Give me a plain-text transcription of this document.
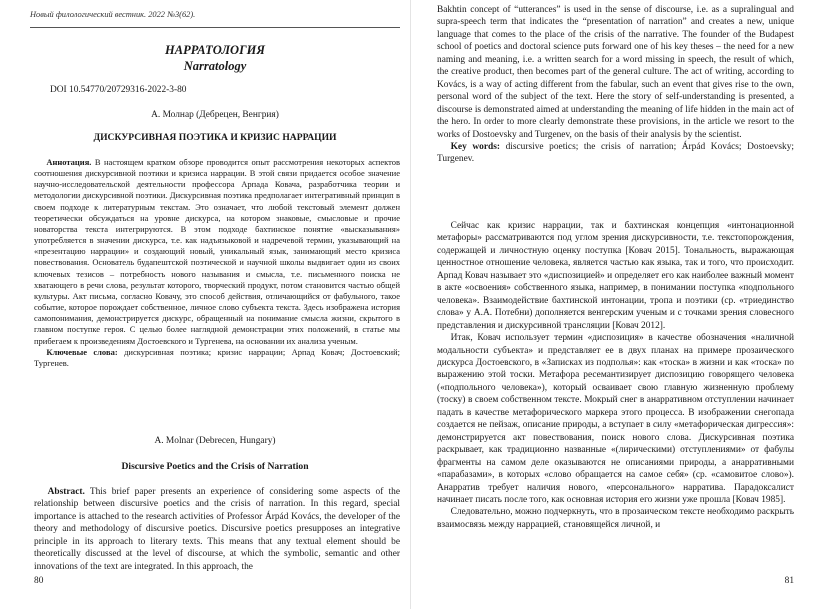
Новый филологический вестник. 2022 №3(62).
НАРРАТОЛОГИЯ
Narratology
DOI 10.54770/20729316-2022-3-80
А. Молнар (Дебрецен, Венгрия)
ДИСКУРСИВНАЯ ПОЭТИКА И КРИЗИС НАРРАЦИИ

Аннотация. В настоящем кратком обзоре проводится опыт рассмотрения некоторых аспектов соотношения дискурсивной поэтики и кризиса наррации. В этой связи придается особое значение научно-исследовательской деятельности профессора Арпада Ковача, разработчика теории и методологии дискурсивной поэтики. Дискурсивная поэтика предполагает интегративный принцип в своем подходе к литературным текстам. Это означает, что любой текстовый элемент должен теоретически обсуждаться на уровне дискурса, на котором знаковые, смысловые и прочие новаторства текста интегрируются. В этом подходе бахтинское понятие «высказывания» употребляется в значении дискурса, т.е. как надъязыковой и надречевой термин, указывающий на «презентацию наррации» и создающий новый, уникальный язык, занимающий место кризиса повествования. Основатель будапештской поэтической и научной школы выдвигает один из своих ключевых тезисов – потребность нового называния и смысла, т.е. письменного поиска не хватающего в речи слова, результат которого, творческий продукт, потом становится частью общей культуры. Акт письма, согласно Ковачу, это способ действия, отличающийся от фабульного, такое событие, которое порождает собственное, личное слово субъекта текста. Здесь изображена история самопонимания, демонстрируется дискурс, обращенный на понимание смысла жизни, скрытого в главном поступке героя. С целью более наглядной демонстрации этих положений, в статье мы прибегаем к произведениям Достоевского и Тургенева, на основании их анализа ученым.

Ключевые слова: дискурсивная поэтика; кризис наррации; Арпад Ковач; Достоевский; Тургенев.

A. Molnar (Debrecen, Hungary)
Discursive Poetics and the Crisis of Narration

Abstract. This brief paper presents an experience of considering some aspects of the relationship between discursive poetics and the crisis of narration. In this regard, special importance is attached to the research activities of Professor Árpád Kovács, the developer of the theory and methodology of discursive poetics. Discursive poetics presupposes an integrative principle in its approach to literary texts. This means that any textual element should be theoretically discussed at the level of discourse, at which the symbolic, semantic and other innovations of the text are integrated. In this approach, the

80

Bakhtin concept of “utterances” is used in the sense of discourse, i.e. as a supralingual and supra-speech term that indicates the “presentation of narration” and creates a new, unique language that comes to the place of the crisis of the narrative. The founder of the Budapest school of poetics and doctoral science puts forward one of his key theses – the need for a new naming and meaning, i.e. a written search for a word missing in speech, the result of which, the creative product, then becomes part of the general culture. The act of writing, according to Kovács, is a way of acting different from the fabular, such an event that gives rise to the own, personal word of the subject of the text. Here the story of self-understanding is presented, a discourse is demonstrated aimed at understanding the meaning of life hidden in the main act of the hero. In order to more clearly demonstrate these provisions, in the article we resort to the works of Dostoevsky and Turgenev, on the basis of their analysis by the scientist.

Key words: discursive poetics; the crisis of narration; Árpád Kovács; Dostoevsky; Turgenev.

Сейчас как кризис наррации, так и бахтинская концепция «интонационной метафоры» рассматриваются под углом зрения дискурсивности, т.е. текстопорождения, содержащей и личностную оценку поступка [Ковач 2015]. Тональность, выражающая ценностное отношение человека, является частью как языка, так и того, что происходит. Арпад Ковач называет это «диспозицией» и определяет его как наиболее важный момент в акте «освоения» собственного языка, например, в понимании поступка «подпольного человека». Взаимодействие бахтинской интонации, тропа и поэтики (ср. «триединство слова» у А.А. Потебни) дополняется венгерским ученым и с точками зрения словесного представления и дискурсивной трансляции [Ковач 2012].

Итак, Ковач использует термин «диспозиция» в качестве обозначения «наличной модальности субъекта» и представляет ее в двух планах на примере прозаического дискурса Достоевского, в «Записках из подполья»: как «тоска» в жизни и как «тоска» по выражению этой тоски. Метафора ресемантизирует диспозицию говорящего человека («подпольного человека»), который осваивает свою главную жизненную проблему (тоску) в своем собственном тексте. Мокрый снег в анарративном отступлении начинает падать в качестве метафорического маркера этого процесса. В изображении снегопада создается не пейзаж, описание природы, а вступает в силу «метафорическая дигрессия»: демонстрируется акт повествования, поиск нового слова. Дискурсивная поэтика раскрывает, как традиционно названные «(лирическими) отступлениями» от фабулы фрагменты на самом деле оказываются не описаниями природы, а анарративными «парабазами», в которых «слово обращается на самое себя» (ср. «самовитое слово»). Анарратив требует наличия нового, «персонального» нарратива. Парадоксалист начинает писать после того, как основная история его жизни уже прошла [Ковач 1985].

Следовательно, можно подчеркнуть, что в прозаическом тексте необходимо раскрыть взаимосвязь между наррацией, становящейся личной, и

81
